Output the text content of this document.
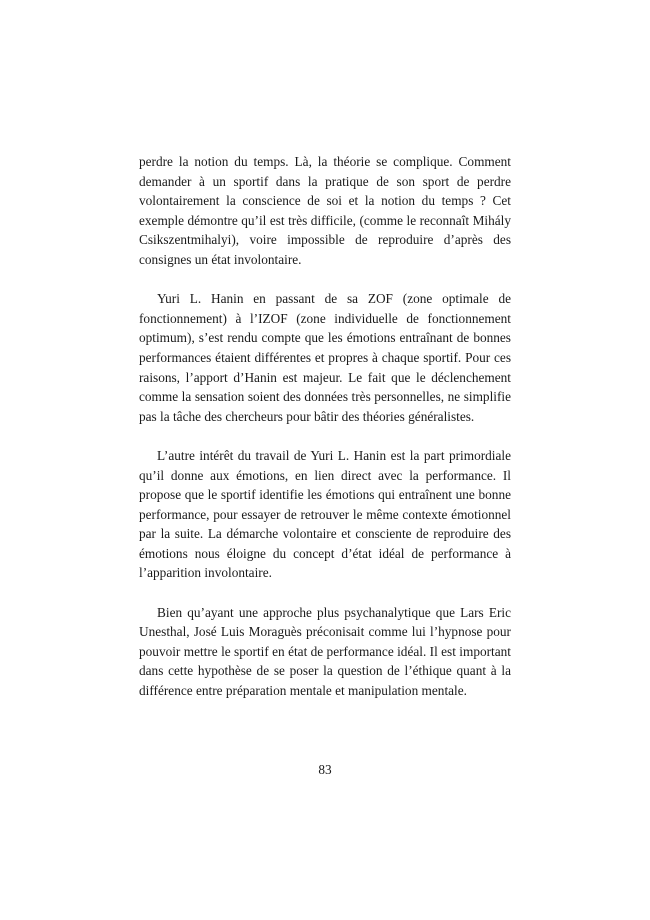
perdre la notion du temps. Là, la théorie se complique. Comment demander à un sportif dans la pratique de son sport de perdre volontairement la conscience de soi et la notion du temps ? Cet exemple démontre qu’il est très difficile, (comme le reconnaît Mihály Csikszentmihalyi), voire impossible de reproduire d’après des consignes un état involontaire.

Yuri L. Hanin en passant de sa ZOF (zone optimale de fonctionnement) à l’IZOF (zone individuelle de fonctionnement optimum), s’est rendu compte que les émotions entraînant de bonnes performances étaient différentes et propres à chaque sportif. Pour ces raisons, l’apport d’Hanin est majeur. Le fait que le déclenchement comme la sensation soient des données très personnelles, ne simplifie pas la tâche des chercheurs pour bâtir des théories généralistes.

L’autre intérêt du travail de Yuri L. Hanin est la part primordiale qu’il donne aux émotions, en lien direct avec la performance. Il propose que le sportif identifie les émotions qui entraînent une bonne performance, pour essayer de retrouver le même contexte émotionnel par la suite. La démarche volontaire et consciente de reproduire des émotions nous éloigne du concept d’état idéal de performance à l’apparition involontaire.

Bien qu’ayant une approche plus psychanalytique que Lars Eric Unesthal, José Luis Moraguès préconisait comme lui l’hypnose pour pouvoir mettre le sportif en état de performance idéal. Il est important dans cette hypothèse de se poser la question de l’éthique quant à la différence entre préparation mentale et manipulation mentale.

83
